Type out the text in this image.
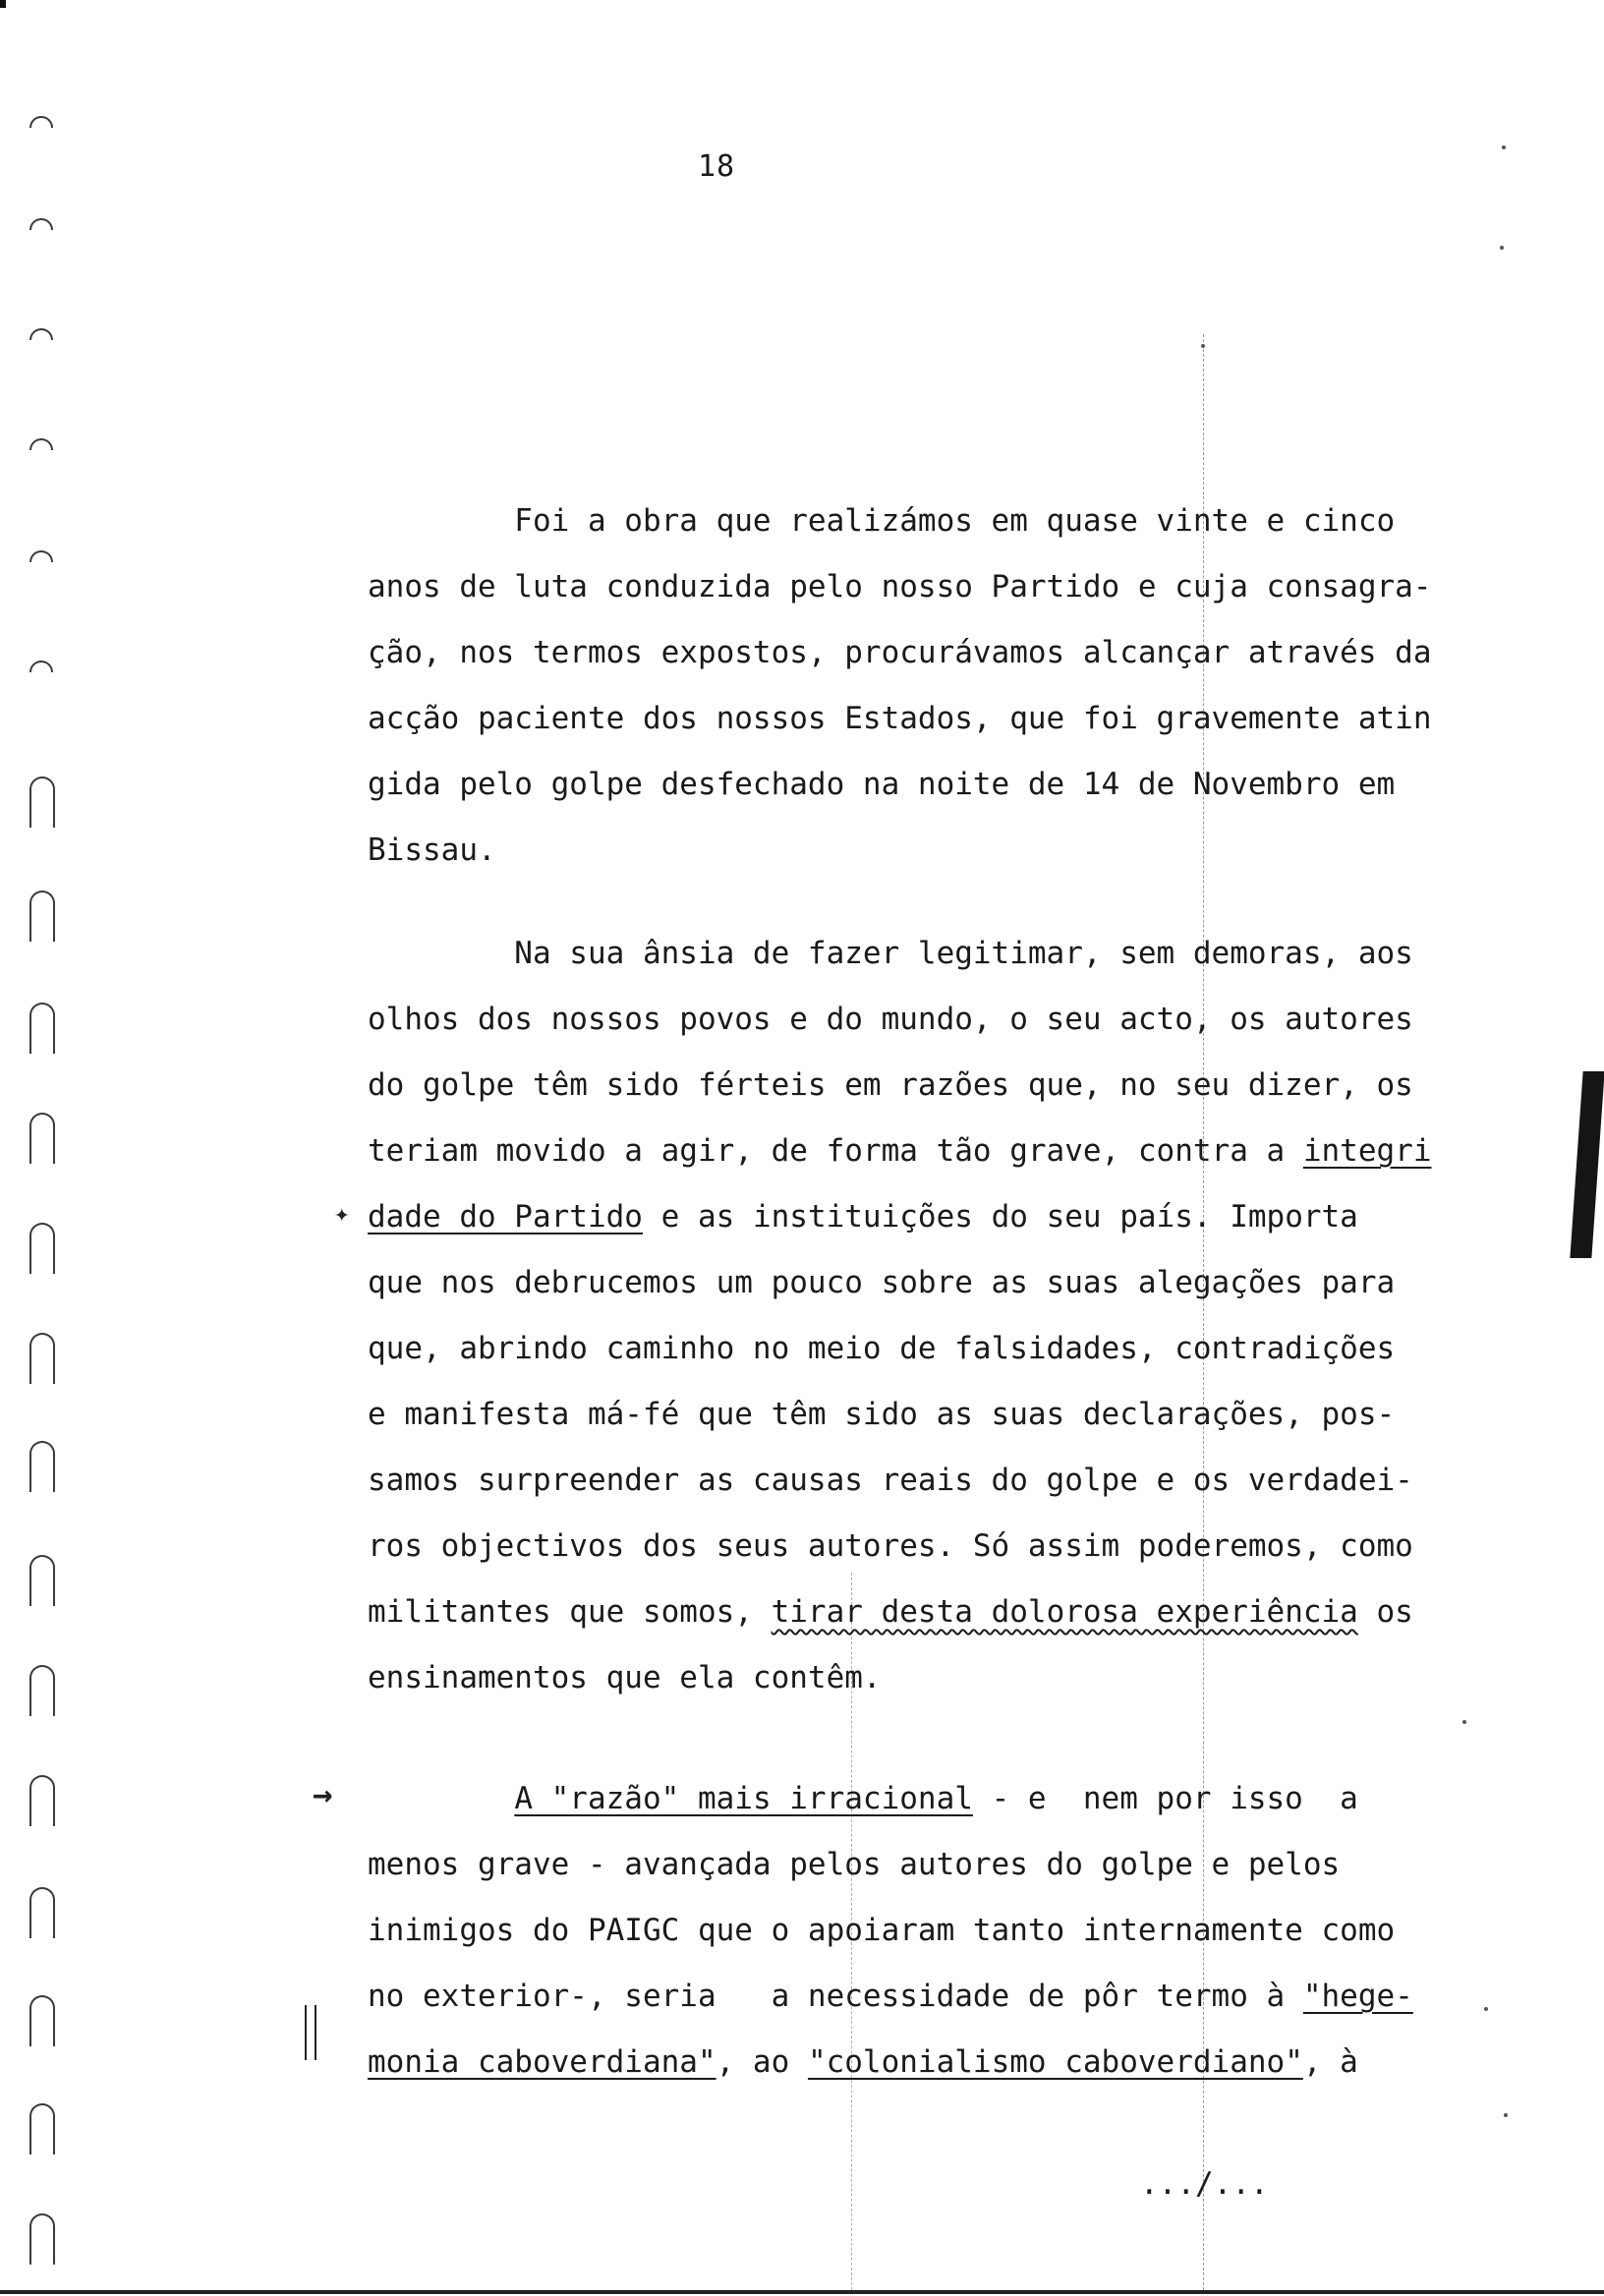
18
Foi a obra que realizámos em quase vinte e cinco
anos de luta conduzida pelo nosso Partido e cuja consagra-
ção, nos termos expostos, procurávamos alcançar através da
acção paciente dos nossos Estados, que foi gravemente atin
gida pelo golpe desfechado na noite de 14 de Novembro em
Bissau.
Na sua ânsia de fazer legitimar, sem demoras, aos
olhos dos nossos povos e do mundo, o seu acto, os autores
do golpe têm sido férteis em razões que, no seu dizer, os
teriam movido a agir, de forma tão grave, contra a integri
dade do Partido e as instituições do seu país. Importa
que nos debrucemos um pouco sobre as suas alegações para
que, abrindo caminho no meio de falsidades, contradições
e manifesta má-fé que têm sido as suas declarações, pos-
samos surpreender as causas reais do golpe e os verdadei-
ros objectivos dos seus autores. Só assim poderemos, como
militantes que somos, tirar desta dolorosa experiência os
ensinamentos que ela contêm.
✦
A "razão" mais irracional - e  nem por isso  a
menos grave - avançada pelos autores do golpe e pelos
inimigos do PAIGC que o apoiaram tanto internamente como
no exterior-, seria   a necessidade de pôr termo à "hege-
monia caboverdiana", ao "colonialismo caboverdiano", à
→
.../...
